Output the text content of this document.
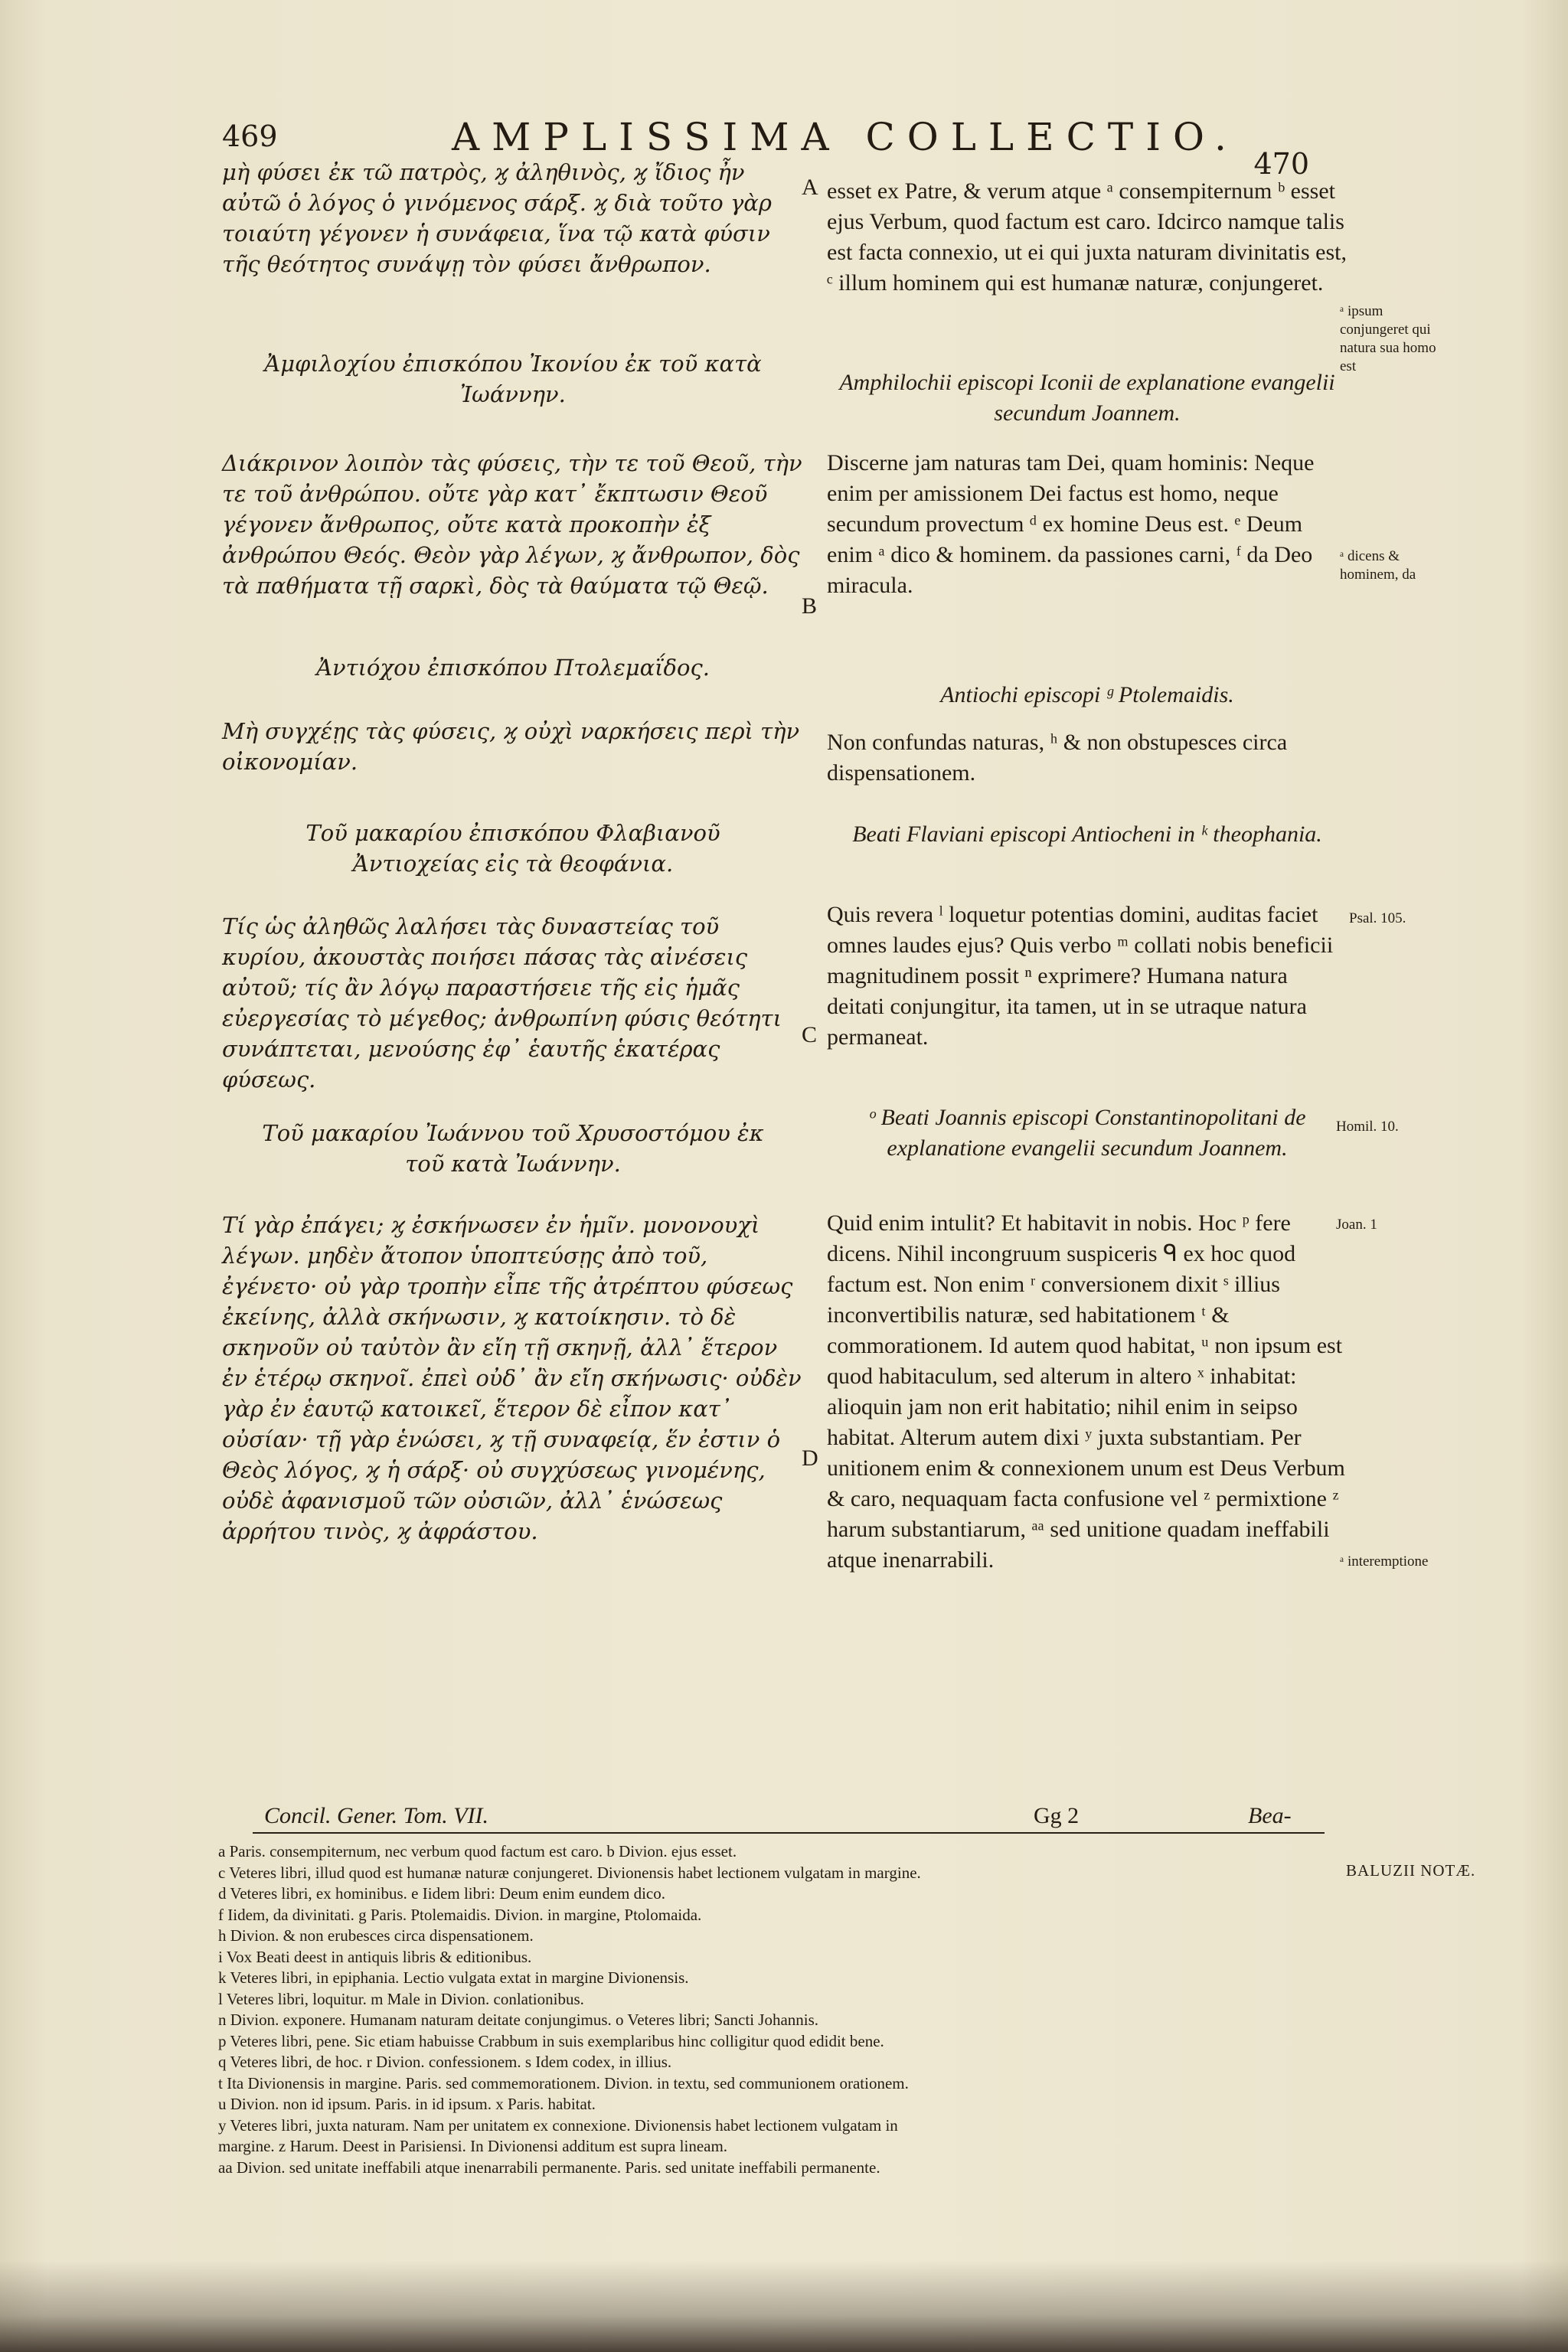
469	AMPLISSIMA COLLECTIO.
470
μὴ φύσει ἐκ τῶ πατρὸς, ϗ ἀληθινὸς, ϗ ἴδιος ἦν αὐτῶ ὁ λόγος ὁ γινόμενος σάρξ. ϗ διὰ τοῦτο γὰρ τοιαύτη γέγονεν ἡ συνάφεια, ἵνα τῷ κατὰ φύσιν τῆς θεότητος συνάψῃ τὸν φύσει ἄνθρωπον.
Ἀμφιλοχίου ἐπισκόπου Ἰκονίου ἐκ τοῦ κατὰ Ἰωάννην.
Διάκρινον λοιπὸν τὰς φύσεις, τὴν τε τοῦ Θεοῦ, τὴν τε τοῦ ἀνθρώπου. οὔτε γὰρ κατ᾽ ἔκπτωσιν Θεοῦ γέγονεν ἄνθρωπος, οὔτε κατὰ προκοπὴν ἐξ ἀνθρώπου Θεός. Θεὸν γὰρ λέγων, ϗ ἄνθρωπον, δὸς τὰ παθήματα τῇ σαρκὶ, δὸς τὰ θαύματα τῷ Θεῷ.
Ἀντιόχου ἐπισκόπου Πτολεμαΐδος.
Μὴ συγχέῃς τὰς φύσεις, ϗ οὐχὶ ναρκήσεις περὶ τὴν οἰκονομίαν.
Τοῦ μακαρίου ἐπισκόπου Φλαβιανοῦ Ἀντιοχείας εἰς τὰ θεοφάνια.
Τίς ὡς ἀληθῶς λαλήσει τὰς δυναστείας τοῦ κυρίου, ἀκουστὰς ποιήσει πάσας τὰς αἰνέσεις αὐτοῦ; τίς ἂν λόγῳ παραστήσειε τῆς εἰς ἡμᾶς εὐεργεσίας τὸ μέγεθος; ἀνθρωπίνη φύσις θεότητι συνάπτεται, μενούσης ἐφ᾽ ἑαυτῆς ἑκατέρας φύσεως.
Τοῦ μακαρίου Ἰωάννου τοῦ Χρυσοστόμου ἐκ τοῦ κατὰ Ἰωάννην.
Τί γὰρ ἐπάγει; ϗ ἐσκήνωσεν ἐν ἡμῖν. μονονουχὶ λέγων. μηδὲν ἄτοπον ὑποπτεύσῃς ἀπὸ τοῦ, ἐγένετο· οὐ γὰρ τροπὴν εἶπε τῆς ἀτρέπτου φύσεως ἐκείνης, ἀλλὰ σκήνωσιν, ϗ κατοίκησιν. τὸ δὲ σκηνοῦν οὐ ταὐτὸν ἂν εἴη τῇ σκηνῇ, ἀλλ᾽ ἕτερον ἐν ἑτέρῳ σκηνοῖ. ἐπεὶ οὐδ᾽ ἂν εἴη σκήνωσις· οὐδὲν γὰρ ἐν ἑαυτῷ κατοικεῖ, ἕτερον δὲ εἶπον κατ᾽ οὐσίαν· τῇ γὰρ ἑνώσει, ϗ τῇ συναφείᾳ, ἕν ἐστιν ὁ Θεὸς λόγος, ϗ ἡ σάρξ· οὐ συγχύσεως γινομένης, οὐδὲ ἀφανισμοῦ τῶν οὐσιῶν, ἀλλ᾽ ἑνώσεως ἀρρήτου τινὸς, ϗ ἀφράστου.
A
B
C
D
esset ex Patre, & verum atque ᵃ consempiternum ᵇ esset ejus Verbum, quod factum est caro. Idcirco namque talis est facta connexio, ut ei qui juxta naturam divinitatis est, ᶜ illum hominem qui est humanæ naturæ, conjungeret.
Amphilochii episcopi Iconii de explanatione evangelii secundum Joannem.
Discerne jam naturas tam Dei, quam hominis: Neque enim per amissionem Dei factus est homo, neque secundum provectum ᵈ ex homine Deus est. ᵉ Deum enim ᵃ dico & hominem. da passiones carni, ᶠ da Deo miracula.
Antiochi episcopi ᵍ Ptolemaidis.
Non confundas naturas, ʰ & non obstupesces circa dispensationem.
Beati Flaviani episcopi Antiocheni in ᵏ theophania.
Quis revera ˡ loquetur potentias domini, auditas faciet omnes laudes ejus? Quis verbo ᵐ collati nobis beneficii magnitudinem possit ⁿ exprimere? Humana natura deitati conjungitur, ita tamen, ut in se utraque natura permaneat.
ᵒ Beati Joannis episcopi Constantinopolitani de explanatione evangelii secundum Joannem.
Quid enim intulit? Et habitavit in nobis. Hoc ᵖ fere dicens. Nihil incongruum suspiceris ᑫ ex hoc quod factum est. Non enim ʳ conversionem dixit ˢ illius inconvertibilis naturæ, sed habitationem ᵗ & commorationem. Id autem quod habitat, ᵘ non ipsum est quod habitaculum, sed alterum in altero ˣ inhabitat: alioquin jam non erit habitatio; nihil enim in seipso habitat. Alterum autem dixi ʸ juxta substantiam. Per unitionem enim & connexionem unum est Deus Verbum & caro, nequaquam facta confusione vel ᶻ permixtione ᶻ harum substantiarum, ᵃᵃ sed unitione quadam ineffabili atque inenarrabili.
ᵃ ipsum conjungeret qui natura sua homo est
ᵃ dicens & hominem, da
Psal. 105.
Homil. 10.
Joan. 1
ᵃ interemptione
Concil. Gener. Tom. VII.	Gg 2	Bea-
a Paris. consempiternum, nec verbum quod factum est caro. b Divion. ejus esset.
c Veteres libri, illud quod est humanæ naturæ conjungeret. Divionensis habet lectionem vulgatam in margine.
d Veteres libri, ex hominibus. e Iidem libri: Deum enim eundem dico.
f Iidem, da divinitati. g Paris. Ptolemaidis. Divion. in margine, Ptolomaida.
h Divion. & non erubesces circa dispensationem.
i Vox Beati deest in antiquis libris & editionibus.
k Veteres libri, in epiphania. Lectio vulgata extat in margine Divionensis.
l Veteres libri, loquitur. m Male in Divion. conlationibus.
n Divion. exponere. Humanam naturam deitate conjungimus. o Veteres libri; Sancti Johannis.
p Veteres libri, pene. Sic etiam habuisse Crabbum in suis exemplaribus hinc colligitur quod edidit bene.
q Veteres libri, de hoc. r Divion. confessionem. s Idem codex, in illius.
t Ita Divionensis in margine. Paris. sed commemorationem. Divion. in textu, sed communionem orationem.
u Divion. non id ipsum. Paris. in id ipsum. x Paris. habitat.
y Veteres libri, juxta naturam. Nam per unitatem ex connexione. Divionensis habet lectionem vulgatam in
margine. z Harum. Deest in Parisiensi. In Divionensi additum est supra lineam.
aa Divion. sed unitate ineffabili atque inenarrabili permanente. Paris. sed unitate ineffabili permanente.
BALUZII NOTÆ.
